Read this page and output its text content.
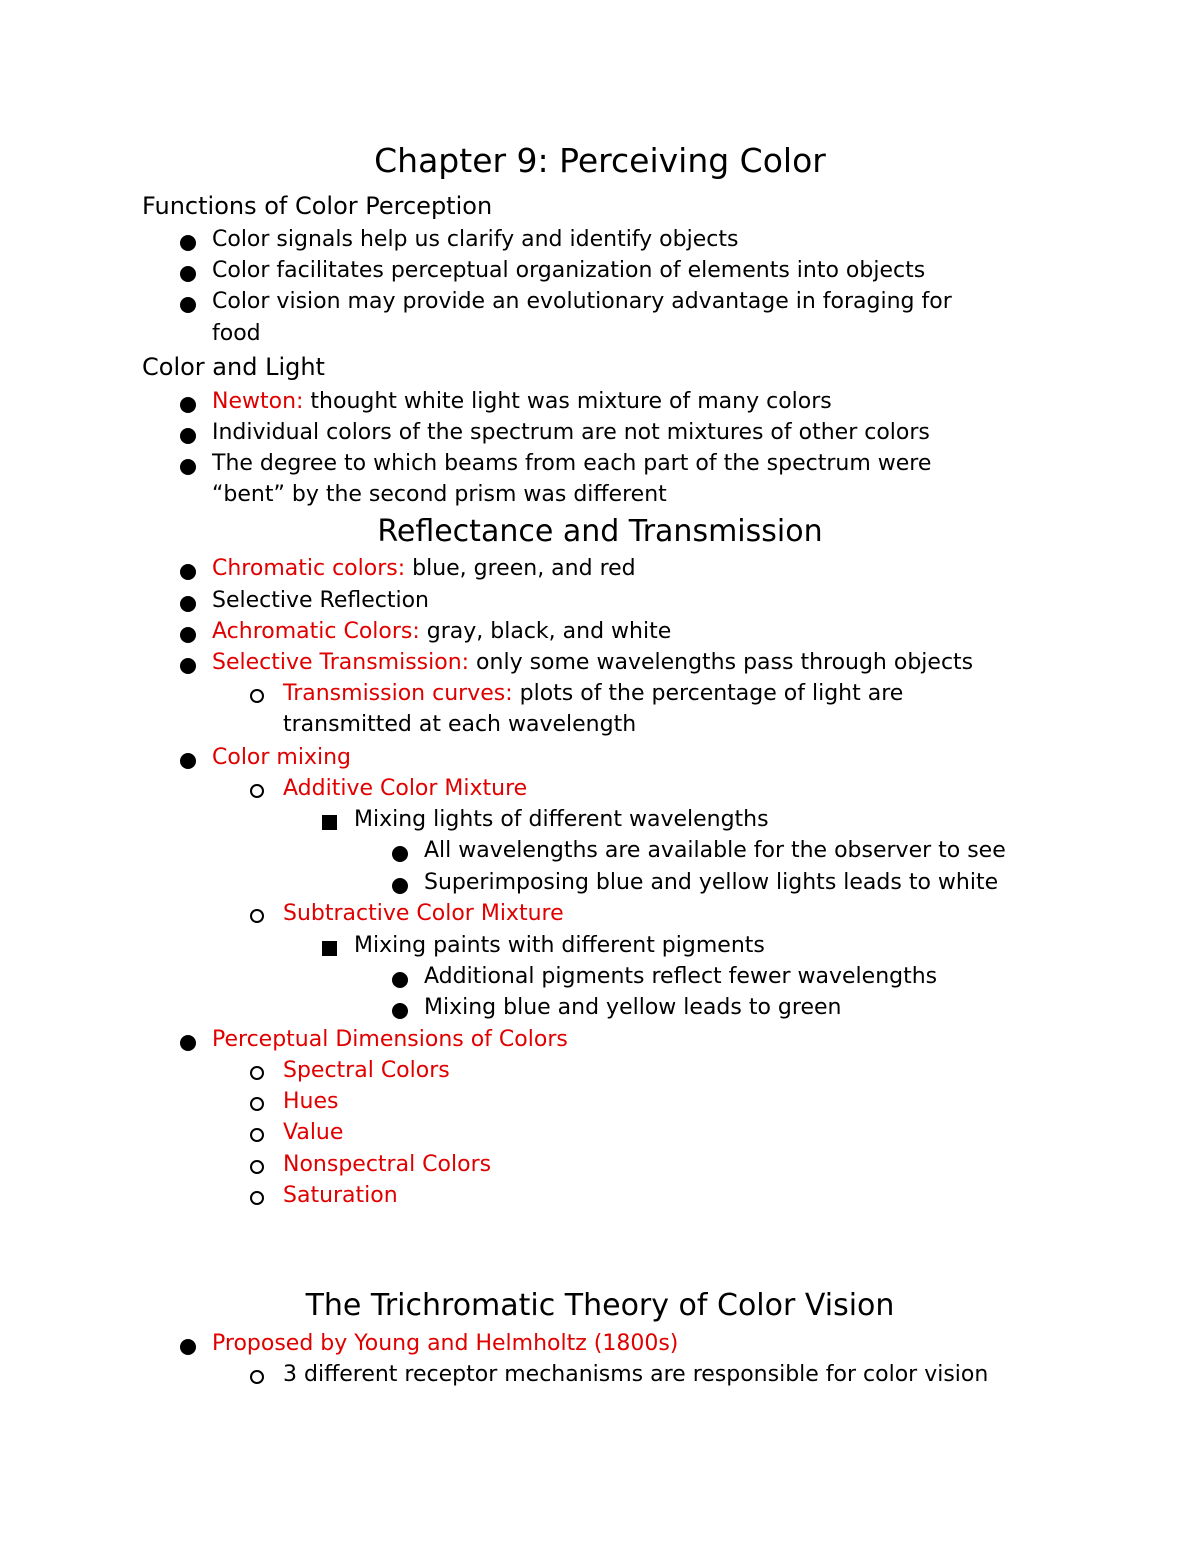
Chapter 9: Perceiving Color
Functions of Color Perception
Color signals help us clarify and identify objects
Color facilitates perceptual organization of elements into objects
Color vision may provide an evolutionary advantage in foraging for
food
Color and Light
Newton: thought white light was mixture of many colors
Individual colors of the spectrum are not mixtures of other colors
The degree to which beams from each part of the spectrum were
“bent” by the second prism was different
Reflectance and Transmission
Chromatic colors: blue, green, and red
Selective Reflection
Achromatic Colors: gray, black, and white
Selective Transmission: only some wavelengths pass through objects
Transmission curves: plots of the percentage of light are
transmitted at each wavelength
Color mixing
Additive Color Mixture
Mixing lights of different wavelengths
All wavelengths are available for the observer to see
Superimposing blue and yellow lights leads to white
Subtractive Color Mixture
Mixing paints with different pigments
Additional pigments reflect fewer wavelengths
Mixing blue and yellow leads to green
Perceptual Dimensions of Colors
Spectral Colors
Hues
Value
Nonspectral Colors
Saturation
The Trichromatic Theory of Color Vision
Proposed by Young and Helmholtz (1800s)
3 different receptor mechanisms are responsible for color vision
